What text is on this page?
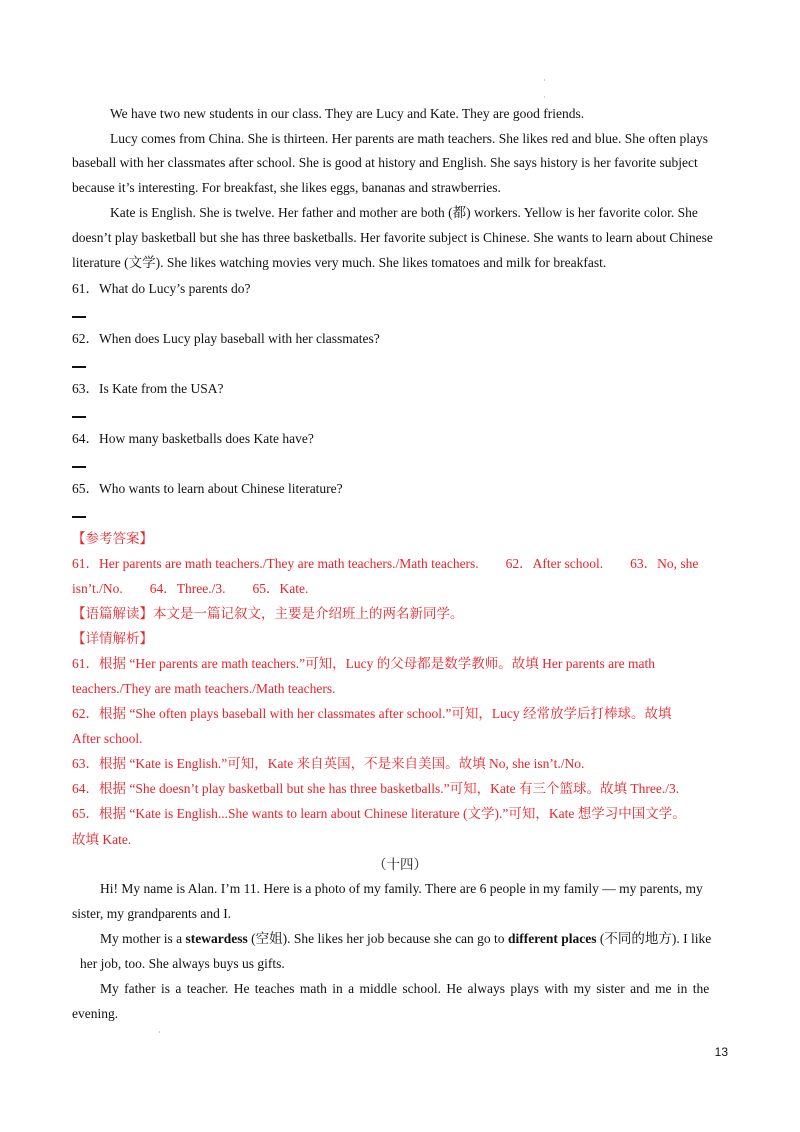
·
·
We have two new students in our class. They are Lucy and Kate. They are good friends.
Lucy comes from China. She is thirteen. Her parents are math teachers. She likes red and blue. She often plays
baseball with her classmates after school. She is good at history and English. She says history is her favorite subject
because it’s interesting. For breakfast, she likes eggs, bananas and strawberries.
Kate is English. She is twelve. Her father and mother are both (都) workers. Yellow is her favorite color. She
doesn’t play basketball but she has three basketballs. Her favorite subject is Chinese. She wants to learn about Chinese
literature (文学). She likes watching movies very much. She likes tomatoes and milk for breakfast.
61．What do Lucy’s parents do?
62．When does Lucy play baseball with her classmates?
63．Is Kate from the USA?
64．How many basketballs does Kate have?
65．Who wants to learn about Chinese literature?
【参考答案】
61．Her parents are math teachers./They are math teachers./Math teachers.        62．After school.        63．No, she
isn’t./No.        64．Three./3.        65．Kate.
【语篇解读】本文是一篇记叙文，主要是介绍班上的两名新同学。
【详情解析】
61．根据 “Her parents are math teachers.”可知，Lucy 的父母都是数学教师。故填 Her parents are math
teachers./They are math teachers./Math teachers.
62．根据 “She often plays baseball with her classmates after school.”可知，Lucy 经常放学后打棒球。故填
After school.
63．根据 “Kate is English.”可知，Kate 来自英国，不是来自美国。故填 No, she isn’t./No.
64．根据 “She doesn’t play basketball but she has three basketballs.”可知，Kate 有三个篮球。故填 Three./3.
65．根据 “Kate is English...She wants to learn about Chinese literature (文学).”可知，Kate 想学习中国文学。
故填 Kate.
（十四）
Hi! My name is Alan. I’m 11. Here is a photo of my family. There are 6 people in my family — my parents, my
sister, my grandparents and I.
My mother is a stewardess (空姐). She likes her job because she can go to different places (不同的地方). I like
her job, too. She always buys us gifts.
My father is a teacher. He teaches math in a middle school. He always plays with my sister and me in the
evening.
·
13
